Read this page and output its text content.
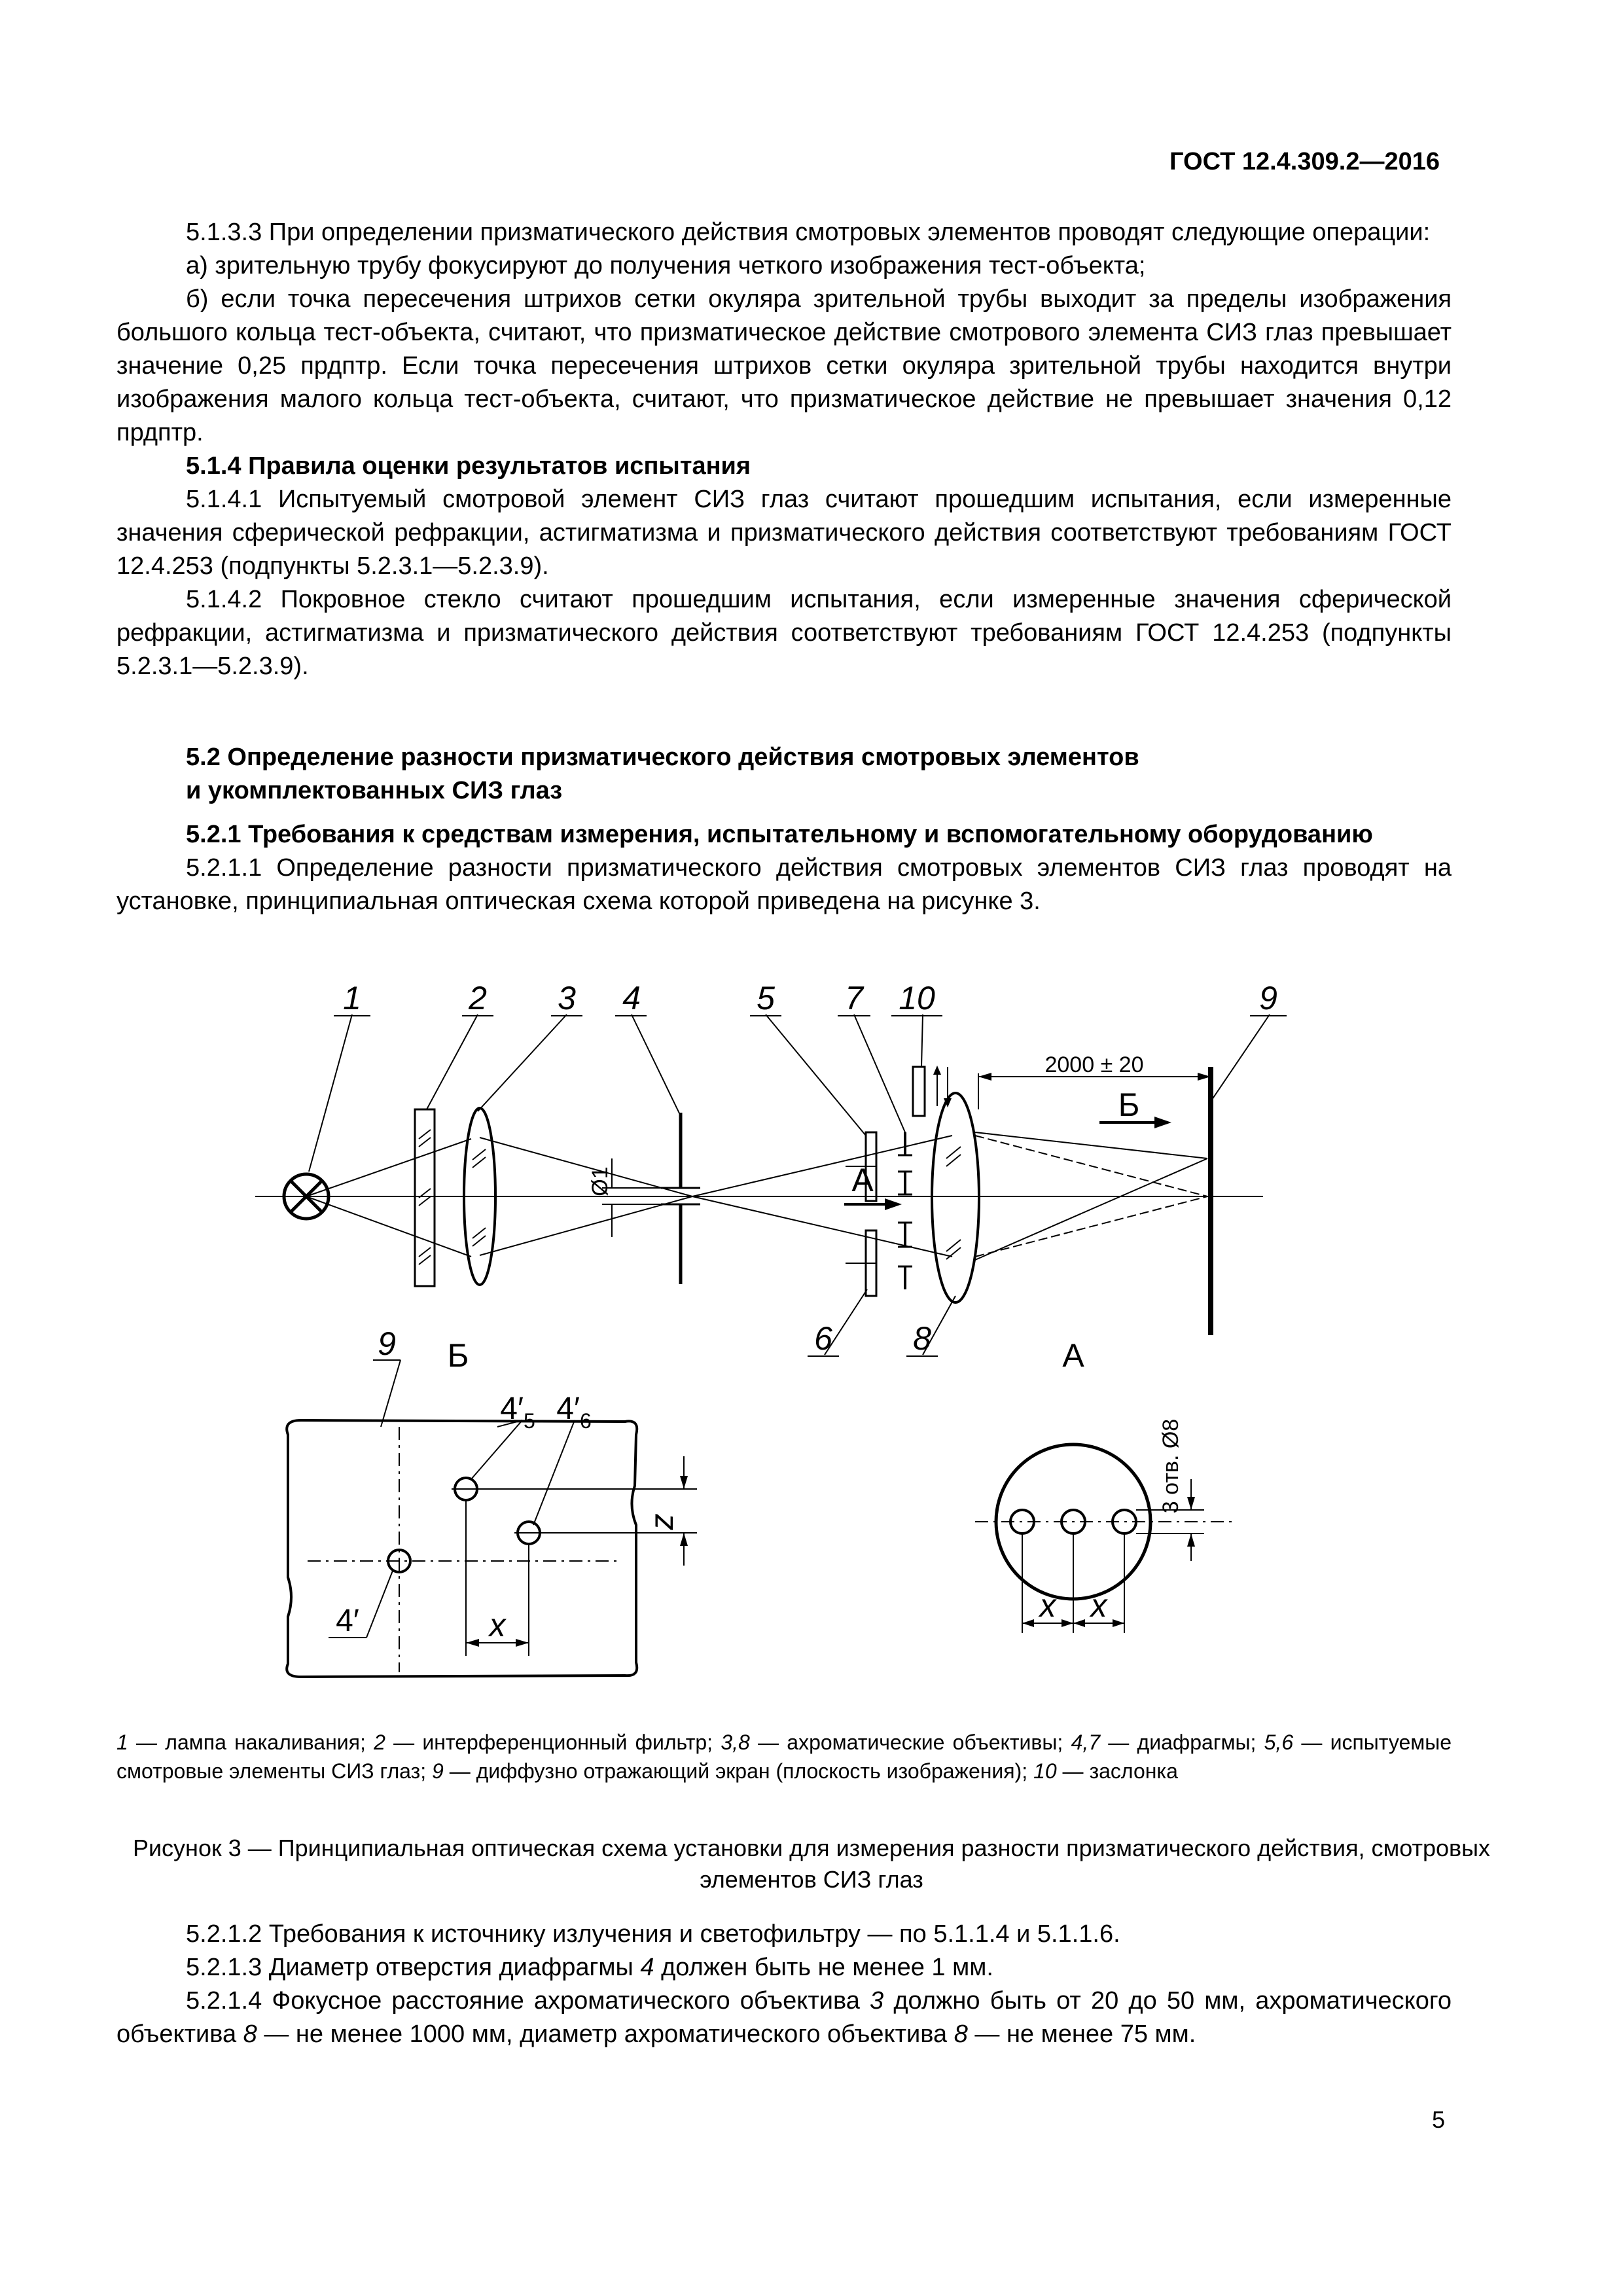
ГОСТ 12.4.309.2—2016

5.1.3.3 При определении призматического действия смотровых элементов проводят следующие операции:

а) зрительную трубу фокусируют до получения четкого изображения тест-объекта;

б) если точка пересечения штрихов сетки окуляра зрительной трубы выходит за пределы изображения большого кольца тест-объекта, считают, что призматическое действие смотрового элемента СИЗ глаз превышает значение 0,25 прдптр. Если точка пересечения штрихов сетки окуляра зрительной трубы находится внутри изображения малого кольца тест-объекта, считают, что призматическое действие не превышает значения 0,12 прдптр.

5.1.4 Правила оценки результатов испытания

5.1.4.1 Испытуемый смотровой элемент СИЗ глаз считают прошедшим испытания, если измеренные значения сферической рефракции, астигматизма и призматического действия соответствуют требованиям ГОСТ 12.4.253 (подпункты 5.2.3.1—5.2.3.9).

5.1.4.2 Покровное стекло считают прошедшим испытания, если измеренные значения сферической рефракции, астигматизма и призматического действия соответствуют требованиям ГОСТ 12.4.253 (подпункты 5.2.3.1—5.2.3.9).

5.2 Определение разности призматического действия смотровых элементов
и укомплектованных СИЗ глаз

5.2.1 Требования к средствам измерения, испытательному и вспомогательному оборудованию

5.2.1.1 Определение разности призматического действия смотровых элементов СИЗ глаз проводят на установке, принципиальная оптическая схема которой приведена на рисунке 3.

1	2 3 4	5 7 10	9
6 8
9
z
x
x x
Б	А
Б
А
$4'_5$ $4'_6$
4′
2000 ± 20
Ø1
3 отв. Ø8
1 — лампа накаливания; 2 — интерференционный фильтр; 3,8 — ахроматические объективы; 4,7 — диафрагмы; 5,6 — испытуемые смотровые элементы СИЗ глаз; 9 — диффузно отражающий экран (плоскость изображения); 10 — заслонка
Рисунок 3 — Принципиальная оптическая схема установки для измерения разности призматического действия, смотровых элементов СИЗ глаз

5.2.1.2 Требования к источнику излучения и светофильтру — по 5.1.1.4 и 5.1.1.6.

5.2.1.3 Диаметр отверстия диафрагмы 4 должен быть не менее 1 мм.

5.2.1.4 Фокусное расстояние ахроматического объектива 3 должно быть от 20 до 50 мм, ахроматического объектива 8 — не менее 1000 мм, диаметр ахроматического объектива 8 — не менее 75 мм.

5
